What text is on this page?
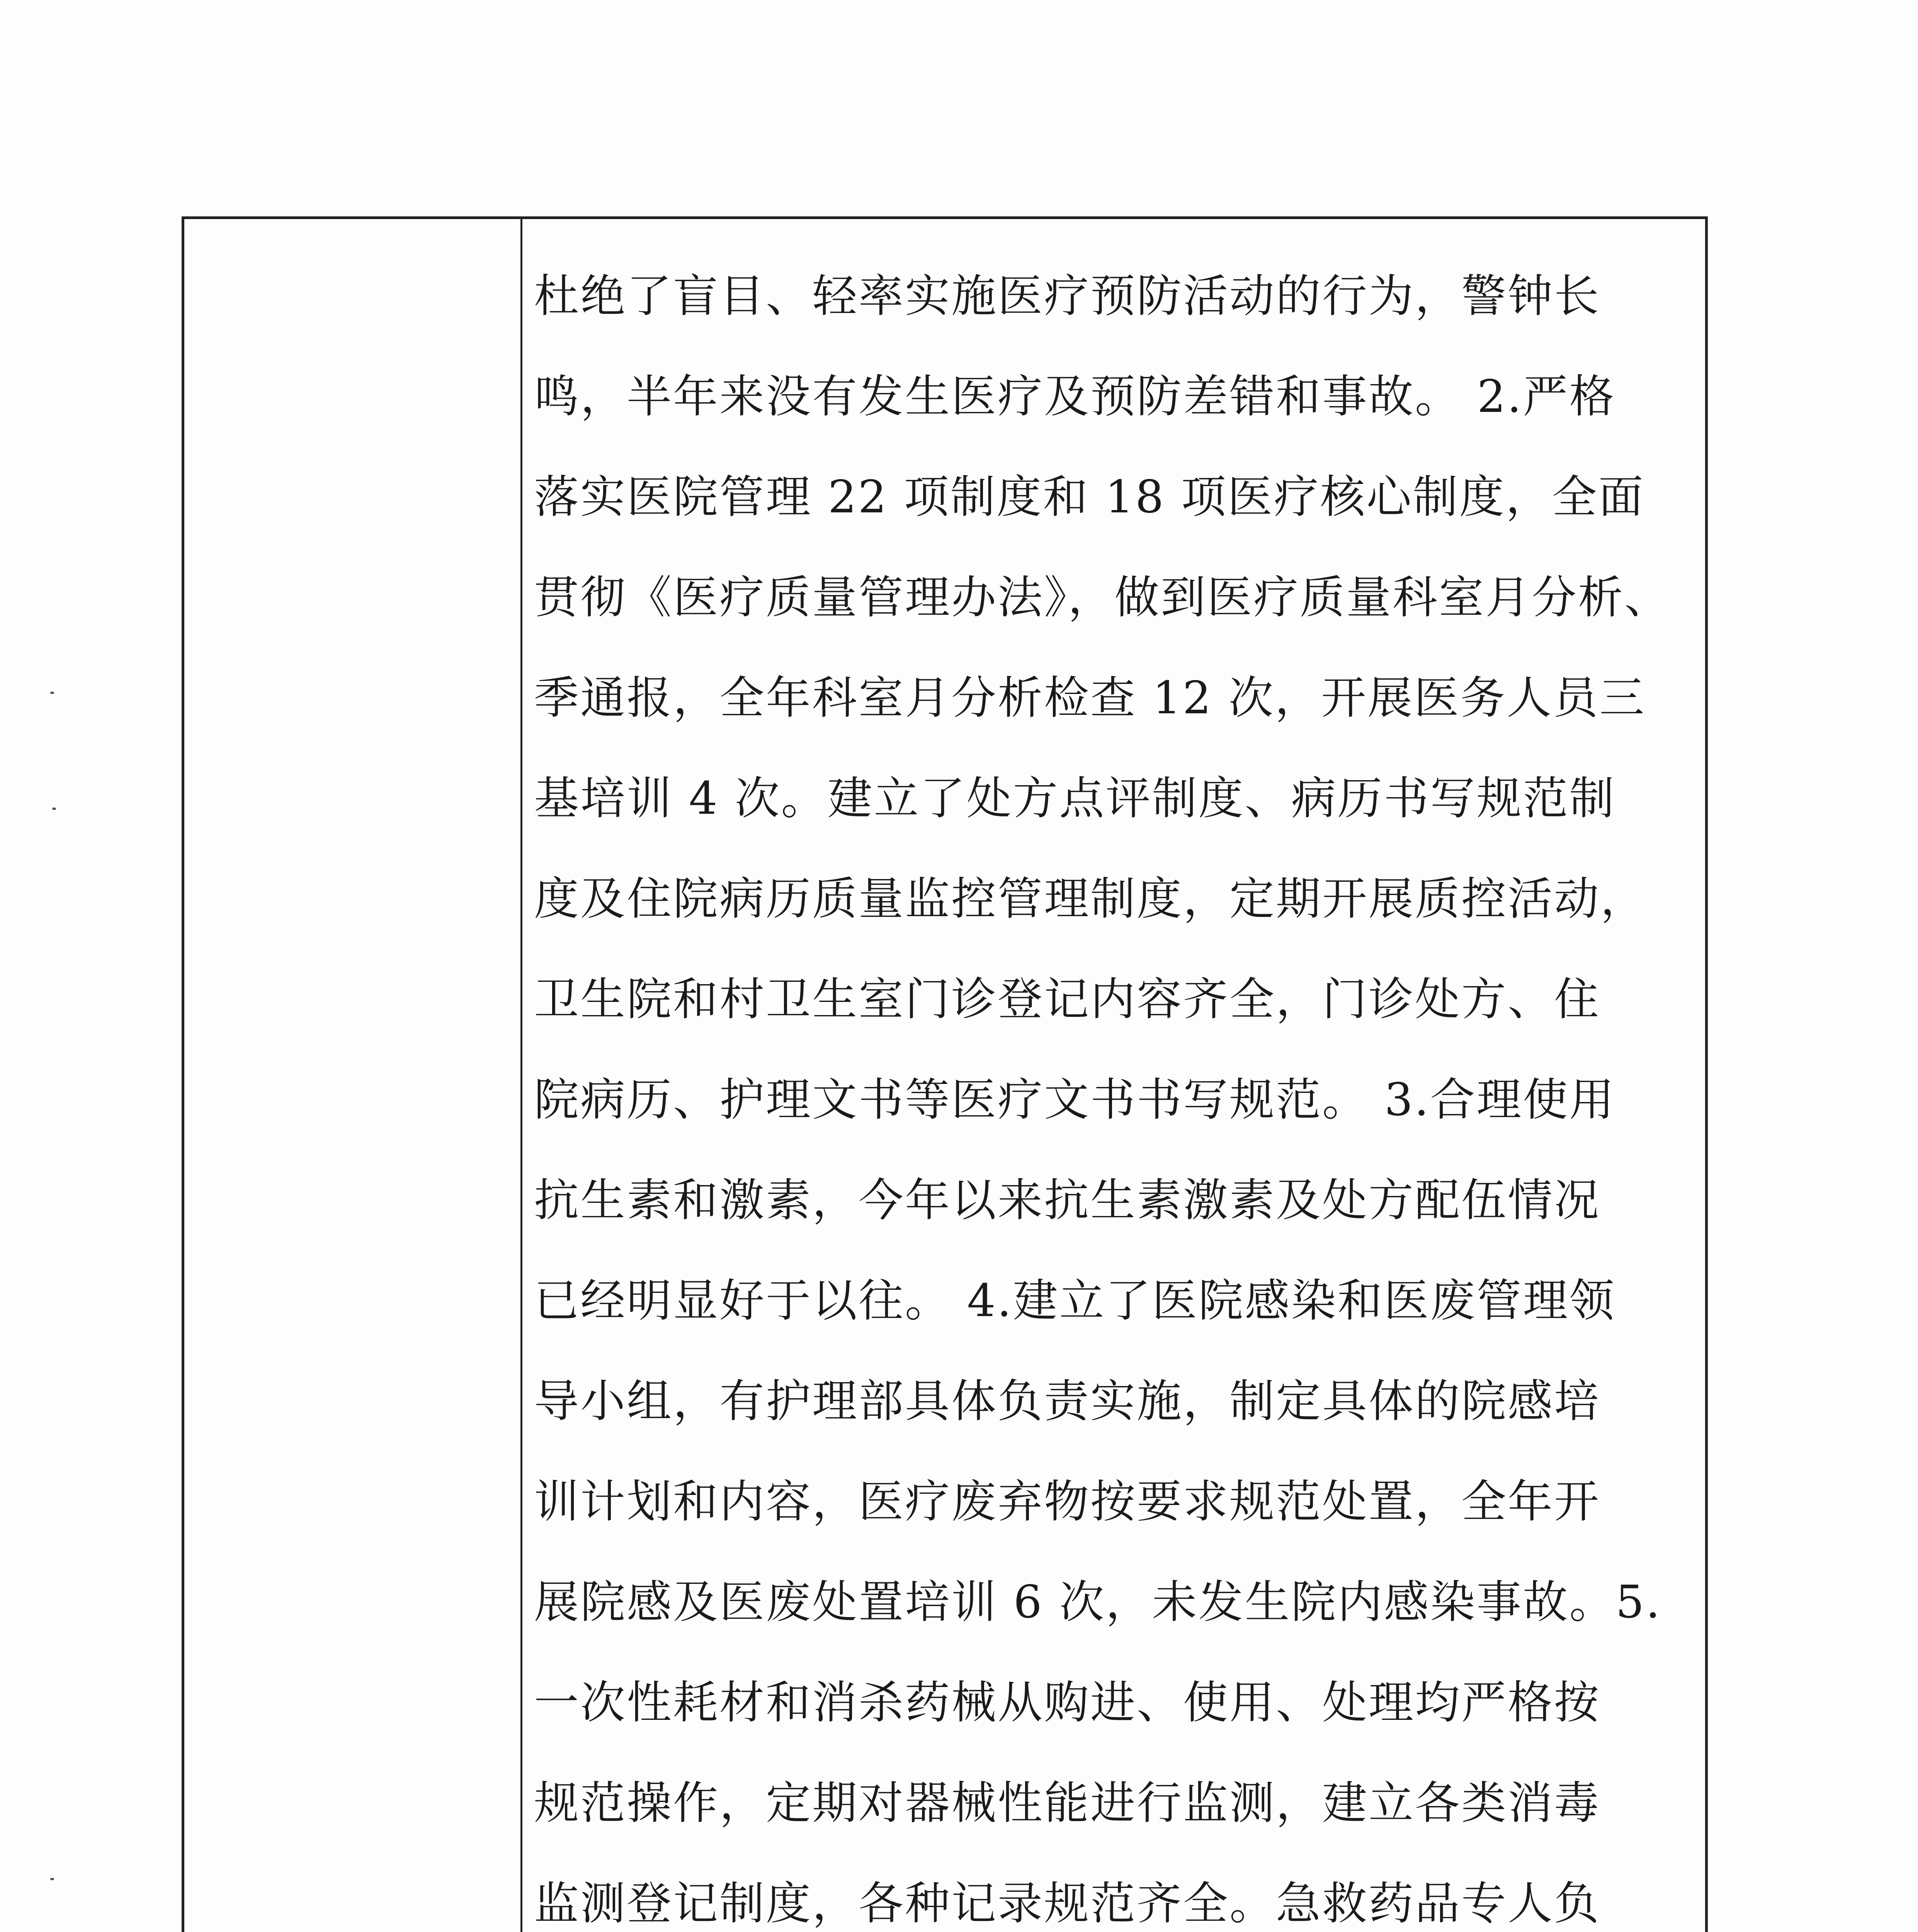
杜绝了盲目、轻率实施医疗预防活动的行为，警钟长
鸣，半年来没有发生医疗及预防差错和事故。 2.严格
落实医院管理 22 项制度和 18 项医疗核心制度，全面
贯彻《医疗质量管理办法》，做到医疗质量科室月分析、
季通报，全年科室月分析检查 12 次，开展医务人员三
基培训 4 次。建立了处方点评制度、病历书写规范制
度及住院病历质量监控管理制度，定期开展质控活动，
卫生院和村卫生室门诊登记内容齐全，门诊处方、住
院病历、护理文书等医疗文书书写规范。 3.合理使用
抗生素和激素，今年以来抗生素激素及处方配伍情况
已经明显好于以往。 4.建立了医院感染和医废管理领
导小组，有护理部具体负责实施，制定具体的院感培
训计划和内容，医疗废弃物按要求规范处置，全年开
展院感及医废处置培训 6 次，未发生院内感染事故。5.
一次性耗材和消杀药械从购进、使用、处理均严格按
规范操作，定期对器械性能进行监测，建立各类消毒
监测登记制度，各种记录规范齐全。急救药品专人负
